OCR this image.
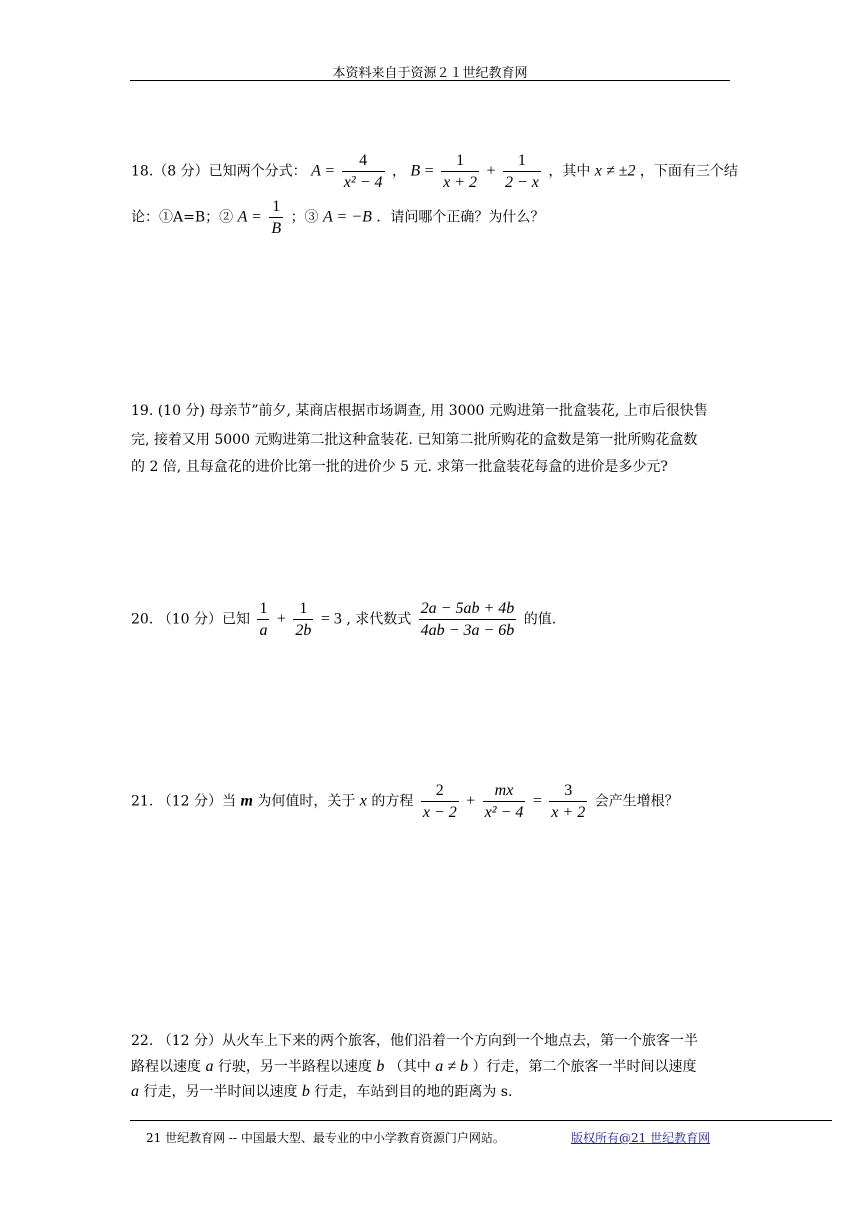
本资料来自于资源２１世纪教育网
18.（8 分）已知两个分式： $A = \frac{4}{\text{x² − 4}}$ ， $B = \frac{1}{x + 2} + \frac{1}{2 - x}$ ，其中 x ≠ ±2 ，下面有三个结
论：①A=B；② $A = \frac{1}{B}$ ；③ A = −B ．请问哪个正确？为什么？
19. (10 分) 母亲节”前夕, 某商店根据市场调查, 用 3000 元购进第一批盒装花, 上市后很快售
完, 接着又用 5000 元购进第二批这种盒装花. 已知第二批所购花的盒数是第一批所购花盒数
的 2 倍, 且每盒花的进价比第一批的进价少 5 元. 求第一批盒装花每盒的进价是多少元?
20. （10 分）已知 $\frac{1}{a} + \frac{1}{2b} = 3$ , 求代数式 $\frac{2a - 5ab + 4b}{4ab - 3a - 6b}$ 的值.
21. （12 分）当 m 为何值时，关于 x 的方程 $\frac{2}{x - 2} + \frac{mx}{\text{x² − 4}} = \frac{3}{x + 2}$ 会产生增根？
22. （12 分）从火车上下来的两个旅客，他们沿着一个方向到一个地点去，第一个旅客一半
路程以速度 a 行驶，另一半路程以速度 b （其中 a ≠ b ）行走，第二个旅客一半时间以速度
a 行走，另一半时间以速度 b 行走，车站到目的地的距离为 s.
21 世纪教育网 -- 中国最大型、最专业的中小学教育资源门户网站。	版权所有@21 世纪教育网
